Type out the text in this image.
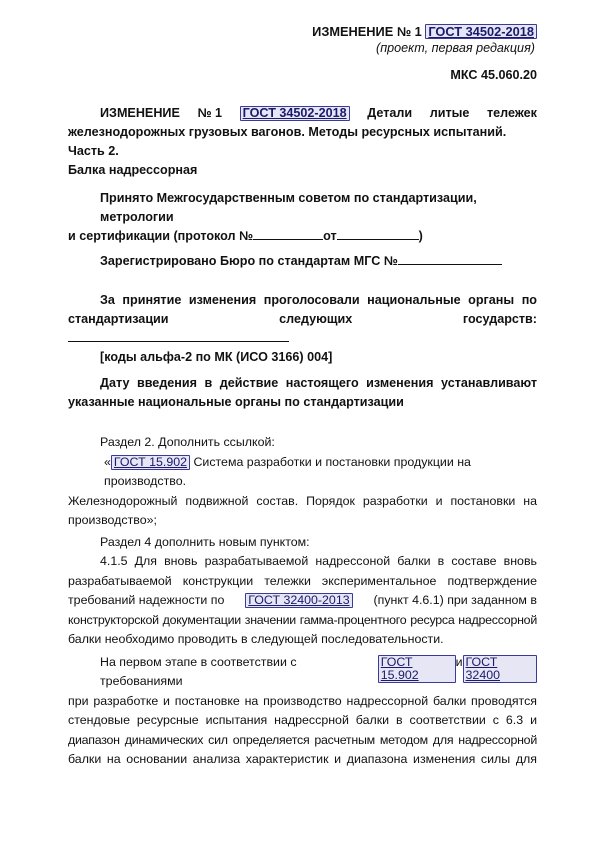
ИЗМЕНЕНИЕ № 1 ГОСТ 34502-2018
(проект, первая редакция)
МКС 45.060.20
ИЗМЕНЕНИЕ № 1 ГОСТ 34502-2018 Детали литые тележек
железнодорожных грузовых вагонов. Методы ресурсных испытаний. Часть 2.
Балка надрессорная
Принято Межгосударственным советом по стандартизации, метрологии
и сертификации (протокол №	от	)
Зарегистрировано Бюро по стандартам МГС №
За принятие изменения проголосовали национальные органы по
стандартизации следующих государств:
[коды альфа-2 по МК (ИСО 3166) 004]
Дату введения в действие настоящего изменения устанавливают
указанные национальные органы по стандартизации
Раздел 2. Дополнить ссылкой:
« ГОСТ 15.902 Система разработки и постановки продукции на производство.
Железнодорожный подвижной состав. Порядок разработки и постановки на
производство»;
Раздел 4 дополнить новым пунктом:
4.1.5 Для вновь разрабатываемой надрессоной балки в составе вновь
разрабатываемой конструкции тележки экспериментальное подтверждение
требований надежности по ГОСТ 32400-2013 (пункт 4.6.1) при заданном в
конструкторской документации значении гамма-процентного ресурса надрессорной
балки необходимо проводить в следующей последовательности.
На первом этапе в соответствии с требованиями
ГОСТ 15.902
и ГОСТ 32400
при разработке и постановке на производство надрессорной балки проводятся
стендовые ресурсные испытания надрессрной балки в соответствии с 6.3 и
диапазон динамических сил определяется расчетным методом для надрессорной
балки на основании анализа характеристик и диапазона изменения силы для
